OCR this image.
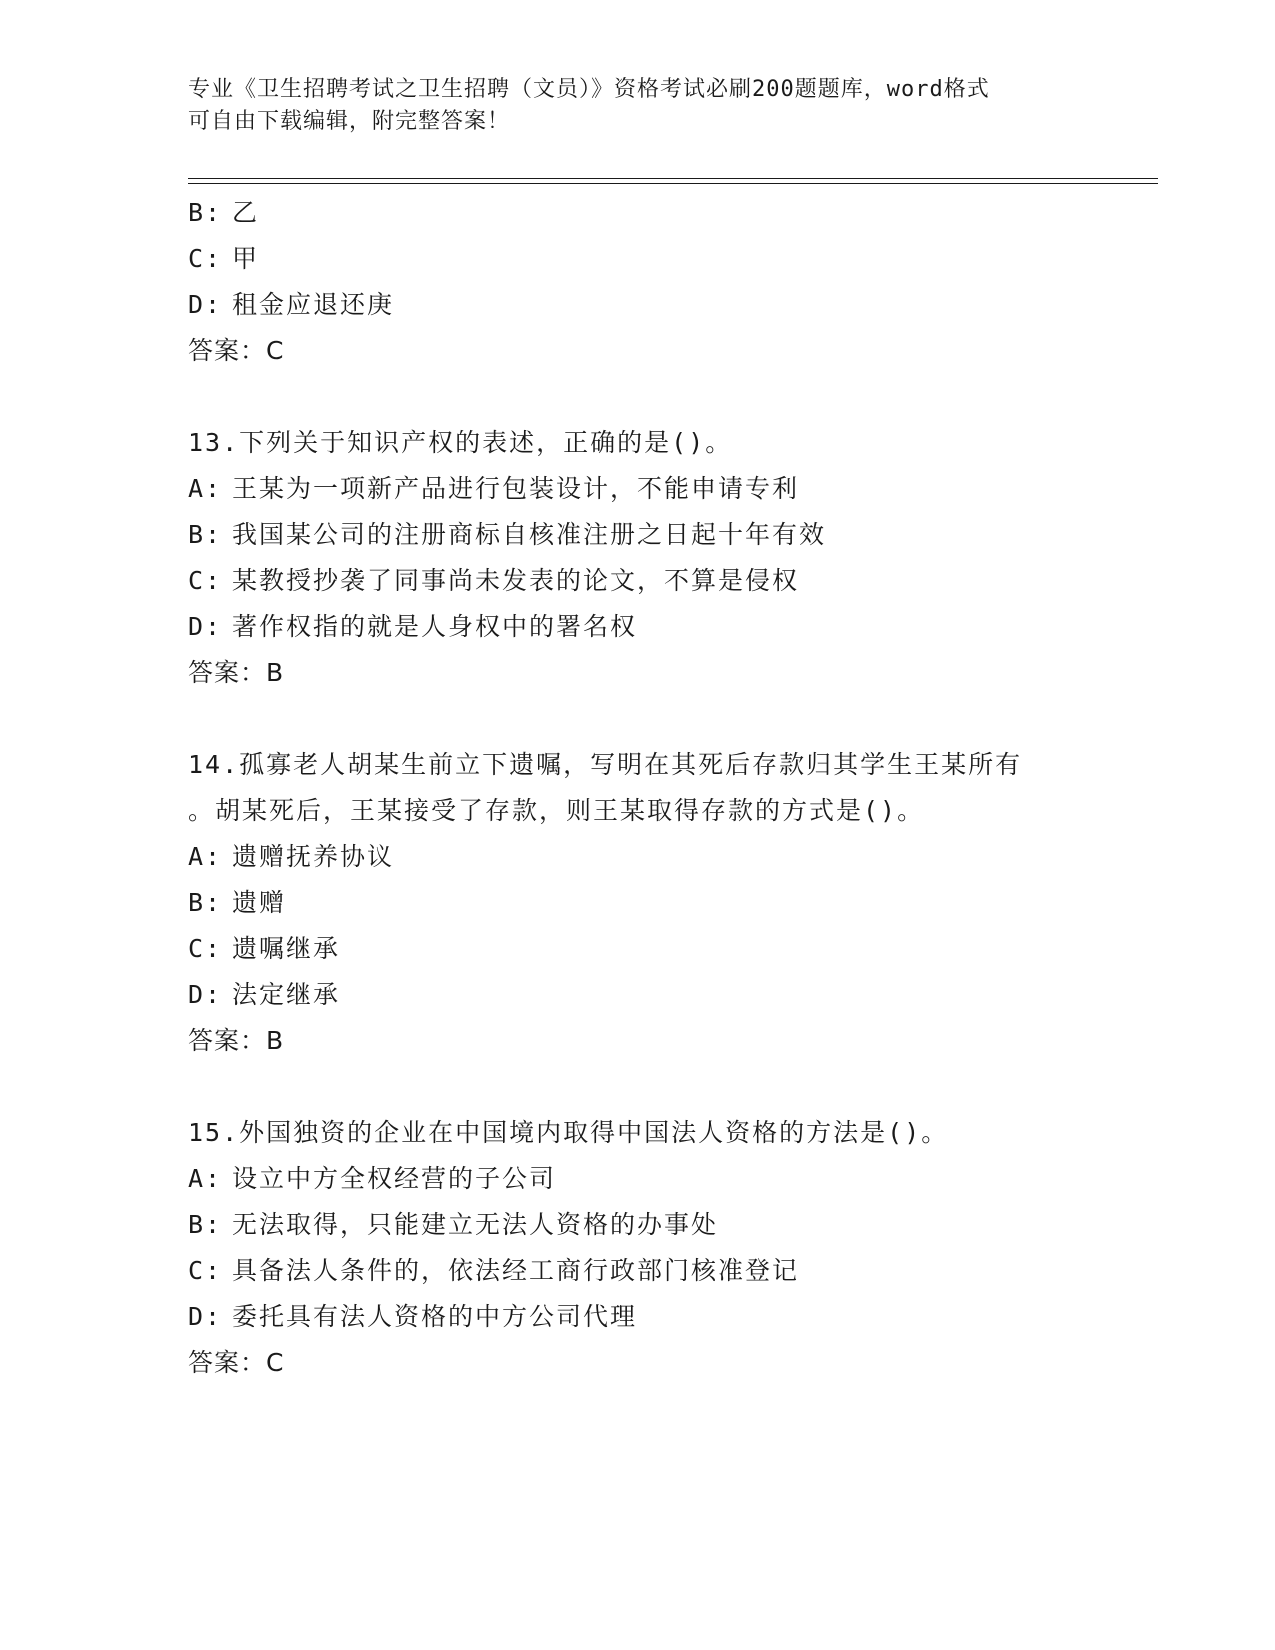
专业《卫生招聘考试之卫生招聘（文员）》资格考试必刷200题题库，word格式
可自由下载编辑，附完整答案！
B: 乙
C: 甲
D: 租金应退还庚
答案：C
13.下列关于知识产权的表述，正确的是()。
A: 王某为一项新产品进行包装设计，不能申请专利
B: 我国某公司的注册商标自核准注册之日起十年有效
C: 某教授抄袭了同事尚未发表的论文，不算是侵权
D: 著作权指的就是人身权中的署名权
答案：B
14.孤寡老人胡某生前立下遗嘱，写明在其死后存款归其学生王某所有
。胡某死后，王某接受了存款，则王某取得存款的方式是()。
A: 遗赠抚养协议
B: 遗赠
C: 遗嘱继承
D: 法定继承
答案：B
15.外国独资的企业在中国境内取得中国法人资格的方法是()。
A: 设立中方全权经营的子公司
B: 无法取得，只能建立无法人资格的办事处
C: 具备法人条件的，依法经工商行政部门核准登记
D: 委托具有法人资格的中方公司代理
答案：C
